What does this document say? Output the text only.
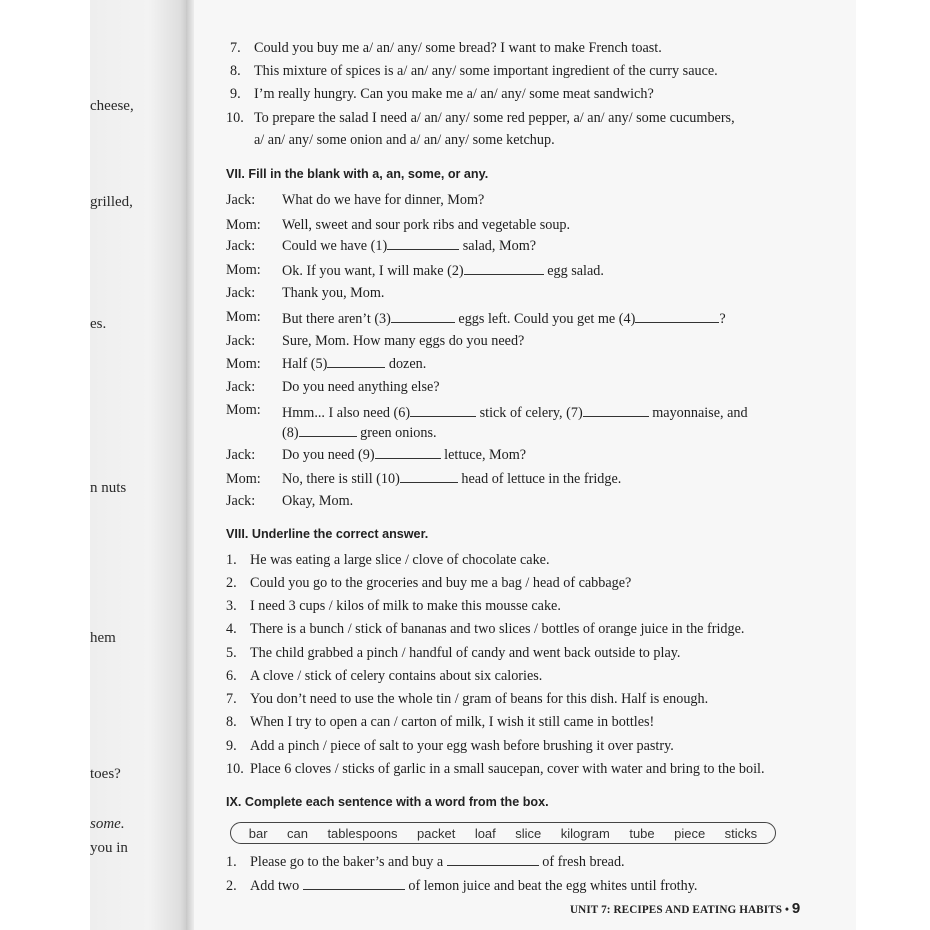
cheese,
grilled,
es.
n nuts
hem
toes?
some.
you in
7. Could you buy me a/ an/ any/ some bread? I want to make French toast.
8. This mixture of spices is a/ an/ any/ some important ingredient of the curry sauce.
9. I’m really hungry. Can you make me a/ an/ any/ some meat sandwich?
10. To prepare the salad I need a/ an/ any/ some red pepper, a/ an/ any/ some cucumbers,
a/ an/ any/ some onion and a/ an/ any/ some ketchup.
VII. Fill in the blank with a, an, some, or any.
Jack: What do we have for dinner, Mom?
Mom: Well, sweet and sour pork ribs and vegetable soup.
Jack: Could we have (1)	salad, Mom?
Mom: Ok. If you want, I will make (2)	egg salad.
Jack: Thank you, Mom.
Mom: But there aren’t (3)	eggs left. Could you get me (4)	?
Jack: Sure, Mom. How many eggs do you need?
Mom: Half (5)	dozen.
Jack: Do you need anything else?
Mom: Hmm... I also need (6)	stick of celery, (7)	mayonnaise, and
(8)	green onions.
Jack: Do you need (9)	lettuce, Mom?
Mom: No, there is still (10)	head of lettuce in the fridge.
Jack: Okay, Mom.
VIII. Underline the correct answer.
1. He was eating a large slice / clove of chocolate cake.
2. Could you go to the groceries and buy me a bag / head of cabbage?
3. I need 3 cups / kilos of milk to make this mousse cake.
4. There is a bunch / stick of bananas and two slices / bottles of orange juice in the fridge.
5. The child grabbed a pinch / handful of candy and went back outside to play.
6. A clove / stick of celery contains about six calories.
7. You don’t need to use the whole tin / gram of beans for this dish. Half is enough.
8. When I try to open a can / carton of milk, I wish it still came in bottles!
9. Add a pinch / piece of salt to your egg wash before brushing it over pastry.
10. Place 6 cloves / sticks of garlic in a small saucepan, cover with water and bring to the boil.
IX. Complete each sentence with a word from the box.
bar can tablespoons packet loaf slice kilogram tube piece sticks
1. Please go to the baker’s and buy a	of fresh bread.
2. Add two	of lemon juice and beat the egg whites until frothy.
UNIT 7: RECIPES AND EATING HABITS • 9
